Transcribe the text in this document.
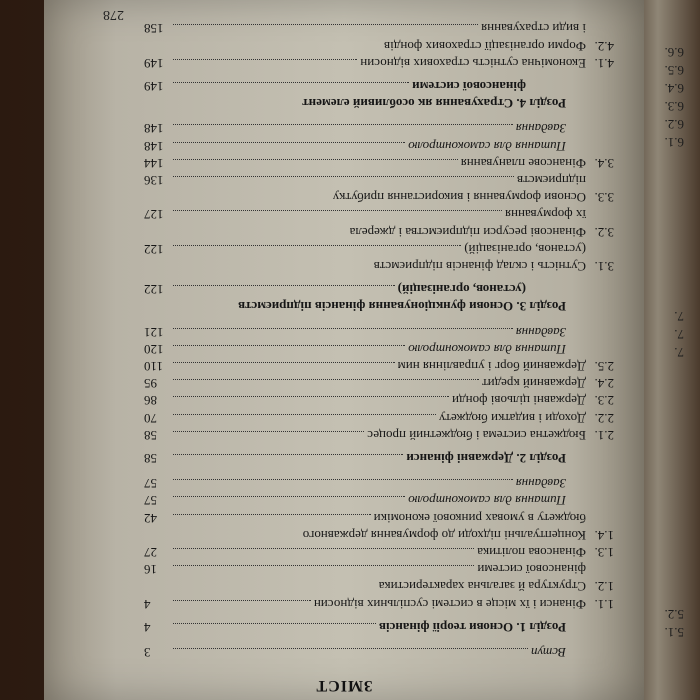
5.1.
5.2.
6.1.
6.2.
6.3.
6.4.
6.5.
6.6.
7.
7.
7.
ЗМІСТ
Вступ
3
Розділ 1. Основи теорії фінансів
4
1.1.
Фінанси і їх місце в системі суспільних відносин
4
1.2.
Структура й загальна характеристика
фінансової системи
16
1.3.
Фінансова політика
27
1.4.
Концептуальні підходи до формування державного
бюджету в умовах ринкової економіки
42
Питання для самоконтролю
57
Завдання
57
Розділ 2. Державні фінанси
58
2.1.
Бюджетна система і бюджетний процес
58
2.2.
Доходи і видатки бюджету
70
2.3.
Державні цільові фонди
86
2.4.
Державний кредит
95
2.5.
Державний борг і управління ним
110
Питання для самоконтролю
120
Завдання
121
Розділ 3. Основи функціонування фінансів підприємств
(установ, організацій)
122
3.1.
Сутність і склад фінансів підприємств
(установ, організацій)
122
3.2.
Фінансові ресурси підприємства і джерела
їх формування
127
3.3.
Основи формування і використання прибутку
підприємств
136
3.4.
Фінансове планування
144
Питання для самоконтролю
148
Завдання
148
Розділ 4. Страхування як особливий елемент
фінансової системи
149
4.1.
Економічна сутність страхових відносин
149
4.2.
Форми організації страхових фондів
і види страхування
158
278
